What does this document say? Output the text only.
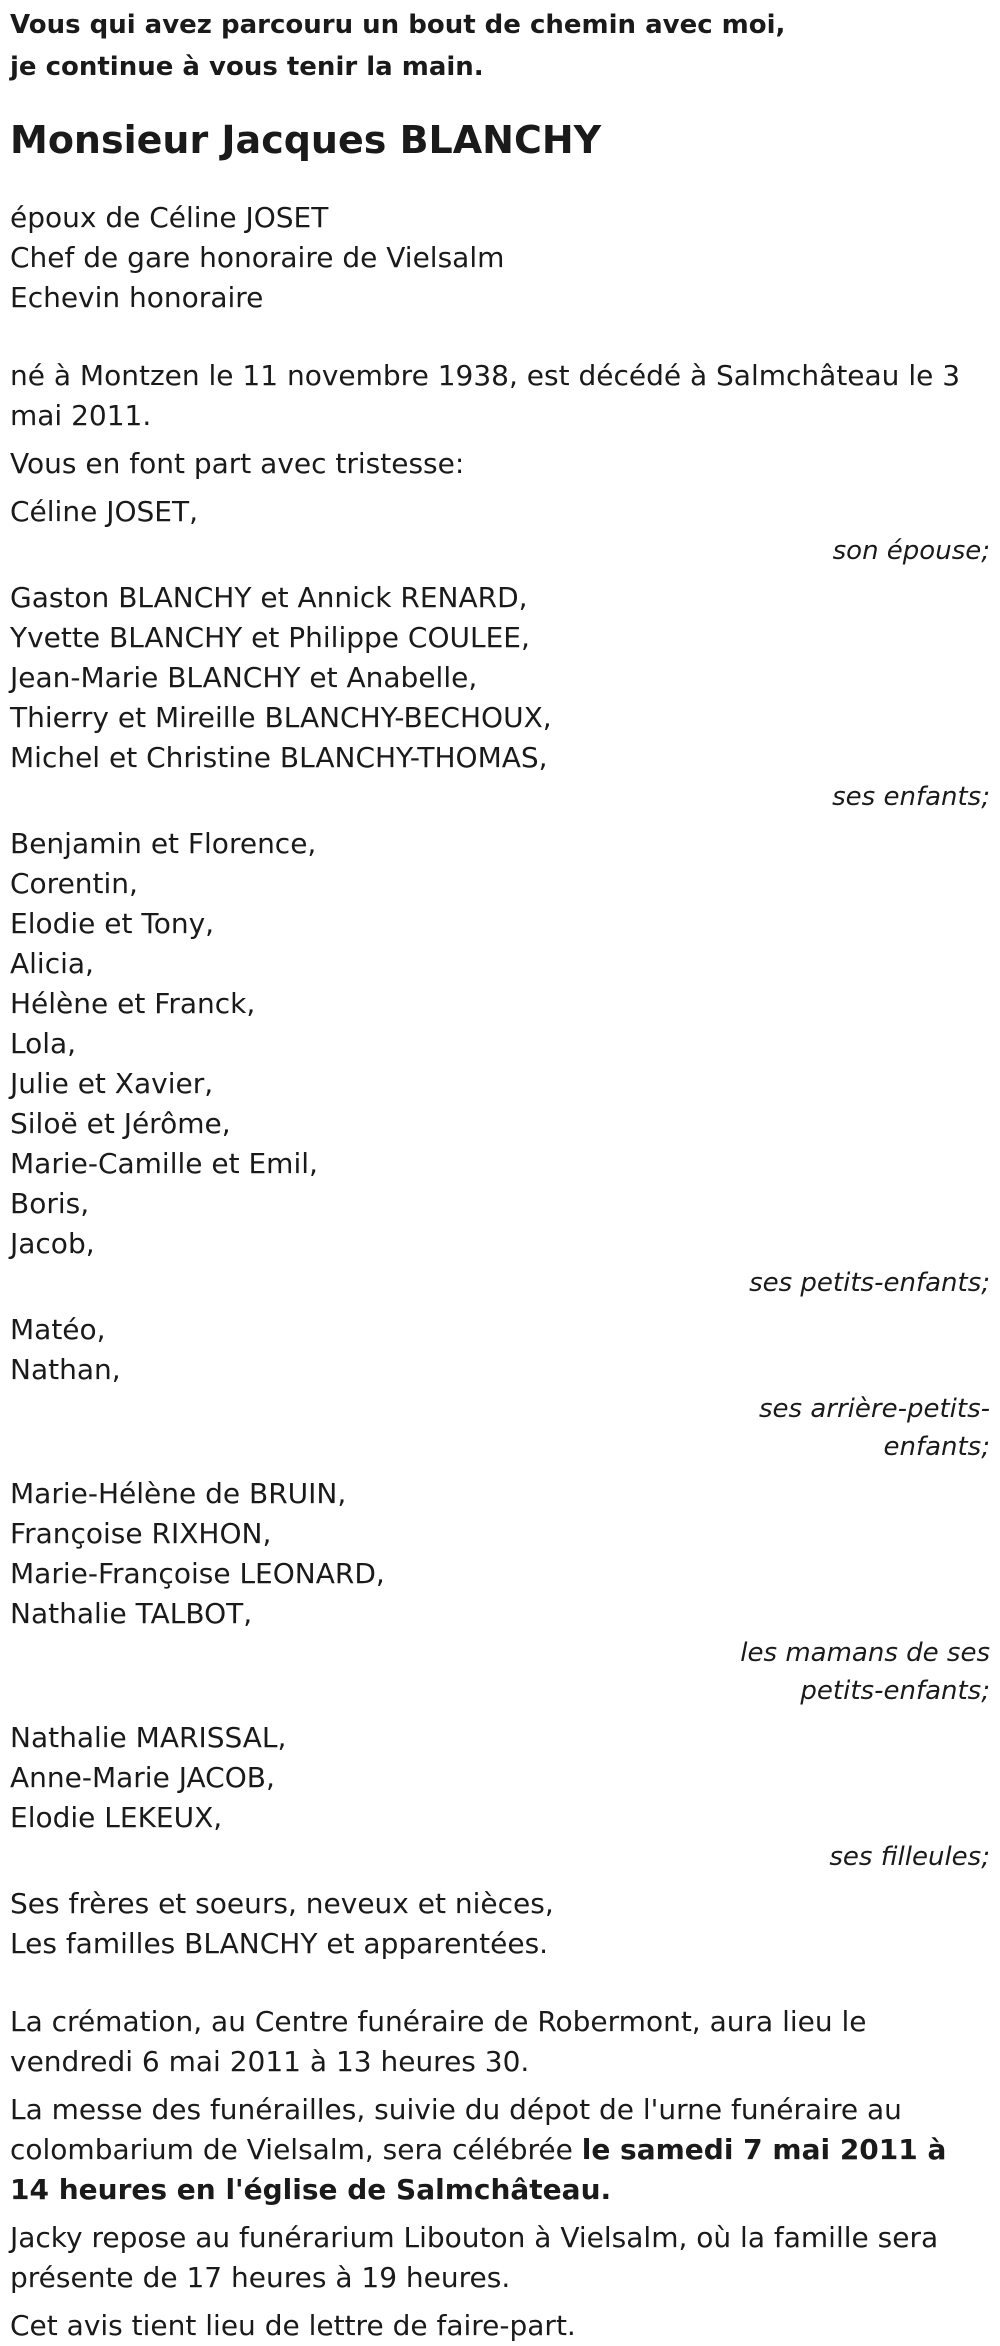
Vous qui avez parcouru un bout de chemin avec moi,
je continue à vous tenir la main.
Monsieur Jacques BLANCHY
époux de Céline JOSET
Chef de gare honoraire de Vielsalm
Echevin honoraire

né à Montzen le 11 novembre 1938, est décédé à Salmchâteau le 3 mai 2011.

Vous en font part avec tristesse:

Céline JOSET,
son épouse;
Gaston BLANCHY et Annick RENARD,
Yvette BLANCHY et Philippe COULEE,
Jean-Marie BLANCHY et Anabelle,
Thierry et Mireille BLANCHY-BECHOUX,
Michel et Christine BLANCHY-THOMAS,
ses enfants;
Benjamin et Florence,
Corentin,
Elodie et Tony,
Alicia,
Hélène et Franck,
Lola,
Julie et Xavier,
Siloë et Jérôme,
Marie-Camille et Emil,
Boris,
Jacob,
ses petits-enfants;
Matéo,
Nathan,
ses arrière-petits-enfants;
Marie-Hélène de BRUIN,
Françoise RIXHON,
Marie-Françoise LEONARD,
Nathalie TALBOT,
les mamans de ses petits-enfants;
Nathalie MARISSAL,
Anne-Marie JACOB,
Elodie LEKEUX,
ses filleules;
Ses frères et soeurs, neveux et nièces,
Les familles BLANCHY et apparentées.

La crémation, au Centre funéraire de Robermont, aura lieu le vendredi 6 mai 2011 à 13 heures 30.

La messe des funérailles, suivie du dépot de l'urne funéraire au colombarium de Vielsalm, sera célébrée le samedi 7 mai 2011 à 14 heures en l'église de Salmchâteau.

Jacky repose au funérarium Libouton à Vielsalm, où la famille sera présente de 17 heures à 19 heures.

Cet avis tient lieu de lettre de faire-part.
